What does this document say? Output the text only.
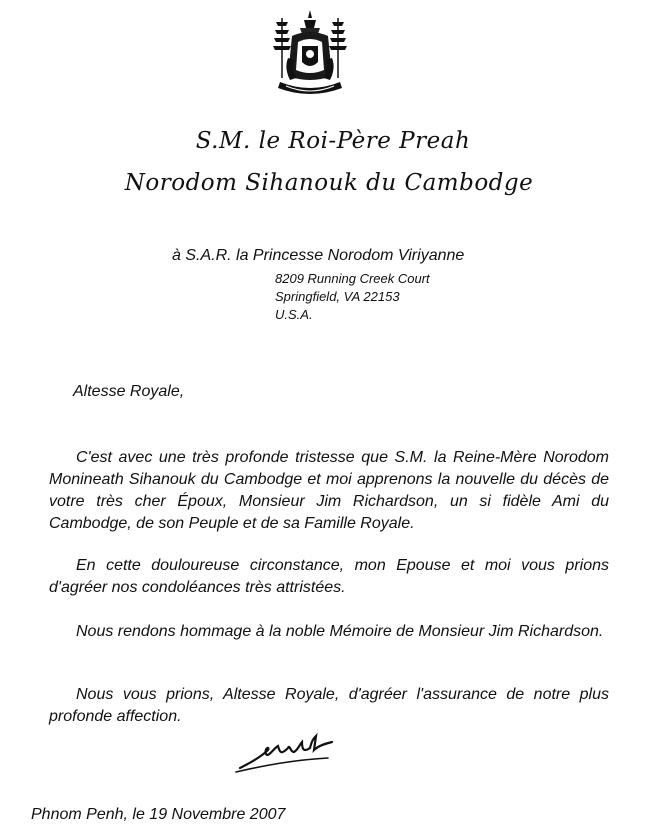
S.M. le Roi-Père Preah
Norodom Sihanouk du Cambodge
à S.A.R. la Princesse Norodom Viriyanne
8209 Running Creek Court
Springfield, VA 22153
U.S.A.
Altesse Royale,
C'est avec une très profonde tristesse que S.M. la Reine-Mère Norodom Monineath Sihanouk du Cambodge et moi apprenons la nouvelle du décès de votre très cher Époux, Monsieur Jim Richardson, un si fidèle Ami du Cambodge, de son Peuple et de sa Famille Royale.
En cette douloureuse circonstance, mon Epouse et moi vous prions d'agréer nos condoléances très attristées.
Nous rendons hommage à la noble Mémoire de Monsieur Jim Richardson.
Nous vous prions, Altesse Royale, d'agréer l'assurance de notre plus profonde affection.
Phnom Penh, le 19 Novembre 2007
